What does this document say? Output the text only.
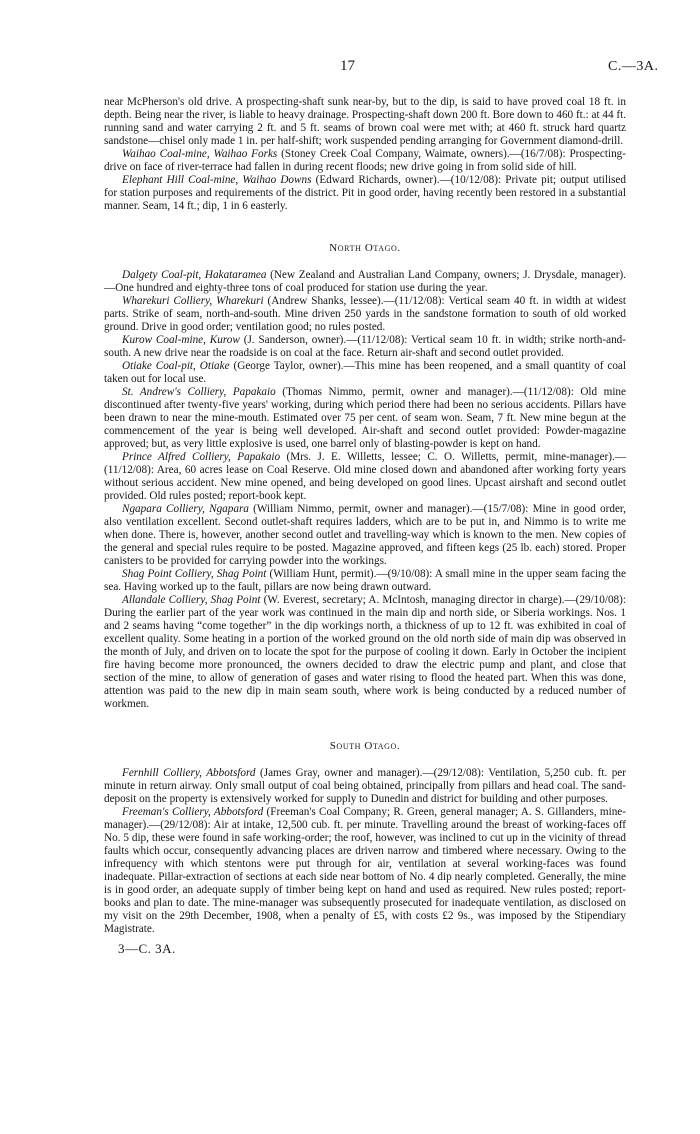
17	C.—3A.

near McPherson's old drive. A prospecting-shaft sunk near-by, but to the dip, is said to have proved coal 18 ft. in depth. Being near the river, is liable to heavy drainage. Prospecting-shaft down 200 ft. Bore down to 460 ft.: at 44 ft. running sand and water carrying 2 ft. and 5 ft. seams of brown coal were met with; at 460 ft. struck hard quartz sandstone—chisel only made 1 in. per half-shift; work suspended pending arranging for Government diamond-drill.

Waihao Coal-mine, Waihao Forks (Stoney Creek Coal Company, Waimate, owners).—(16/7/08): Prospecting-drive on face of river-terrace had fallen in during recent floods; new drive going in from solid side of hill.

Elephant Hill Coal-mine, Waihao Downs (Edward Richards, owner).—(10/12/08): Private pit; output utilised for station purposes and requirements of the district. Pit in good order, having recently been restored in a substantial manner. Seam, 14 ft.; dip, 1 in 6 easterly.

North Otago.

Dalgety Coal-pit, Hakataramea (New Zealand and Australian Land Company, owners; J. Drysdale, manager).—One hundred and eighty-three tons of coal produced for station use during the year.

Wharekuri Colliery, Wharekuri (Andrew Shanks, lessee).—(11/12/08): Vertical seam 40 ft. in width at widest parts. Strike of seam, north-and-south. Mine driven 250 yards in the sandstone formation to south of old worked ground. Drive in good order; ventilation good; no rules posted.

Kurow Coal-mine, Kurow (J. Sanderson, owner).—(11/12/08): Vertical seam 10 ft. in width; strike north-and-south. A new drive near the roadside is on coal at the face. Return air-shaft and second outlet provided.

Otiake Coal-pit, Otiake (George Taylor, owner).—This mine has been reopened, and a small quantity of coal taken out for local use.

St. Andrew's Colliery, Papakaio (Thomas Nimmo, permit, owner and manager).—(11/12/08): Old mine discontinued after twenty-five years' working, during which period there had been no serious accidents. Pillars have been drawn to near the mine-mouth. Estimated over 75 per cent. of seam won. Seam, 7 ft. New mine begun at the commencement of the year is being well developed. Air-shaft and second outlet provided: Powder-magazine approved; but, as very little explosive is used, one barrel only of blasting-powder is kept on hand.

Prince Alfred Colliery, Papakaio (Mrs. J. E. Willetts, lessee; C. O. Willetts, permit, mine-manager).—(11/12/08): Area, 60 acres lease on Coal Reserve. Old mine closed down and abandoned after working forty years without serious accident. New mine opened, and being developed on good lines. Upcast airshaft and second outlet provided. Old rules posted; report-book kept.

Ngapara Colliery, Ngapara (William Nimmo, permit, owner and manager).—(15/7/08): Mine in good order, also ventilation excellent. Second outlet-shaft requires ladders, which are to be put in, and Nimmo is to write me when done. There is, however, another second outlet and travelling-way which is known to the men. New copies of the general and special rules require to be posted. Magazine approved, and fifteen kegs (25 lb. each) stored. Proper canisters to be provided for carrying powder into the workings.

Shag Point Colliery, Shag Point (William Hunt, permit).—(9/10/08): A small mine in the upper seam facing the sea. Having worked up to the fault, pillars are now being drawn outward.

Allandale Colliery, Shag Point (W. Everest, secretary; A. McIntosh, managing director in charge).—(29/10/08): During the earlier part of the year work was continued in the main dip and north side, or Siberia workings. Nos. 1 and 2 seams having “come together” in the dip workings north, a thickness of up to 12 ft. was exhibited in coal of excellent quality. Some heating in a portion of the worked ground on the old north side of main dip was observed in the month of July, and driven on to locate the spot for the purpose of cooling it down. Early in October the incipient fire having become more pronounced, the owners decided to draw the electric pump and plant, and close that section of the mine, to allow of generation of gases and water rising to flood the heated part. When this was done, attention was paid to the new dip in main seam south, where work is being conducted by a reduced number of workmen.

South Otago.

Fernhill Colliery, Abbotsford (James Gray, owner and manager).—(29/12/08): Ventilation, 5,250 cub. ft. per minute in return airway. Only small output of coal being obtained, principally from pillars and head coal. The sand-deposit on the property is extensively worked for supply to Dunedin and district for building and other purposes.

Freeman's Colliery, Abbotsford (Freeman's Coal Company; R. Green, general manager; A. S. Gillanders, mine-manager).—(29/12/08): Air at intake, 12,500 cub. ft. per minute. Travelling around the breast of working-faces off No. 5 dip, these were found in safe working-order; the roof, however, was inclined to cut up in the vicinity of thread faults which occur, consequently advancing places are driven narrow and timbered where necessary. Owing to the infrequency with which stentons were put through for air, ventilation at several working-faces was found inadequate. Pillar-extraction of sections at each side near bottom of No. 4 dip nearly completed. Generally, the mine is in good order, an adequate supply of timber being kept on hand and used as required. New rules posted; report-books and plan to date. The mine-manager was subsequently prosecuted for inadequate ventilation, as disclosed on my visit on the 29th December, 1908, when a penalty of £5, with costs £2 9s., was imposed by the Stipendiary Magistrate.

3—C. 3A.
